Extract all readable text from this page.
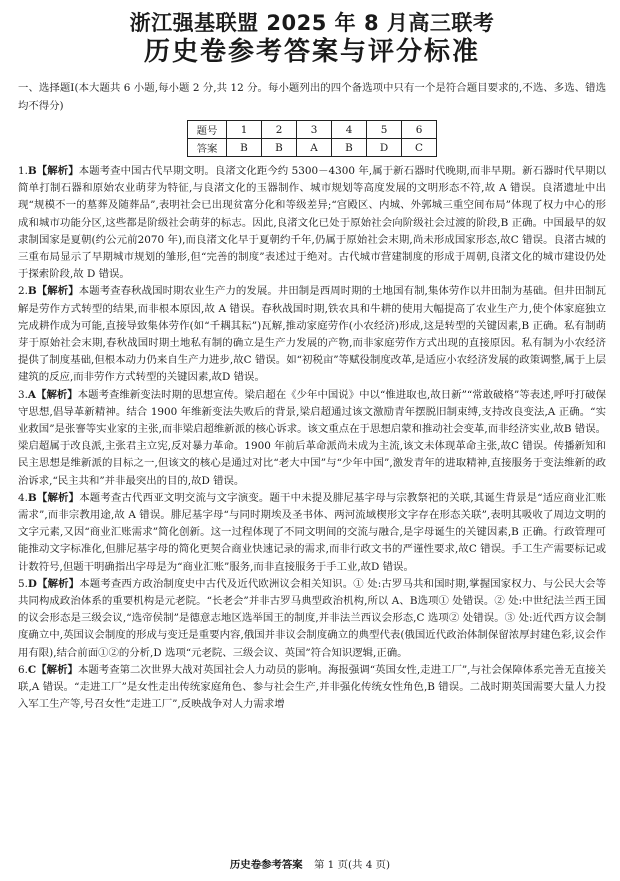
浙江强基联盟 2025 年 8 月高三联考
历史卷参考答案与评分标准

一、选择题Ⅰ(本大题共 6 小题,每小题 2 分,共 12 分。每小题列出的四个备选项中只有一个是符合题目要求的,不选、多选、错选均不得分)

题号	1	2	3	4	5	6
答案	B	B	A	B	D	C

1.B【解析】本题考查中国古代早期文明。良渚文化距今约 5300－4300 年,属于新石器时代晚期,而非早期。新石器时代早期以简单打制石器和原始农业萌芽为特征,与良渚文化的玉器制作、城市规划等高度发展的文明形态不符,故 A 错误。良渚遗址中出现“规模不一的墓葬及随葬品”,表明社会已出现贫富分化和等级差异;“宫殿区、内城、外郭城三重空间布局”体现了权力中心的形成和城市功能分区,这些都是阶级社会萌芽的标志。因此,良渚文化已处于原始社会向阶级社会过渡的阶段,B 正确。中国最早的奴隶制国家是夏朝(约公元前2070 年),而良渚文化早于夏朝约千年,仍属于原始社会末期,尚未形成国家形态,故C 错误。良渚古城的三重布局显示了早期城市规划的雏形,但“完善的制度”表述过于绝对。古代城市营建制度的形成于周朝,良渚文化的城市建设仍处于探索阶段,故 D 错误。

2.B【解析】本题考查春秋战国时期农业生产力的发展。井田制是西周时期的土地国有制,集体劳作以井田制为基础。但井田制瓦解是劳作方式转型的结果,而非根本原因,故 A 错误。春秋战国时期,铁农具和牛耕的使用大幅提高了农业生产力,使个体家庭独立完成耕作成为可能,直接导致集体劳作(如“千耦其耘”)瓦解,推动家庭劳作(小农经济)形成,这是转型的关键因素,B 正确。私有制萌芽于原始社会末期,春秋战国时期土地私有制的确立是生产力发展的产物,而非家庭劳作方式出现的直接原因。私有制为小农经济提供了制度基础,但根本动力仍来自生产力进步,故C 错误。如“初税亩”等赋役制度改革,是适应小农经济发展的政策调整,属于上层建筑的反应,而非劳作方式转型的关键因素,故D 错误。

3.A【解析】本题考查维新变法时期的思想宣传。梁启超在《少年中国说》中以“惟进取也,故日新”“常敢破格”等表述,呼吁打破保守思想,倡导革新精神。结合 1900 年维新变法失败后的背景,梁启超通过该文激励青年摆脱旧制束缚,支持改良变法,A 正确。“实业救国”是张謇等实业家的主张,而非梁启超维新派的核心诉求。该文重点在于思想启蒙和推动社会变革,而非经济实业,故B 错误。梁启超属于改良派,主张君主立宪,反对暴力革命。1900 年前后革命派尚未成为主流,该文未体现革命主张,故C 错误。传播新知和民主思想是维新派的目标之一,但该文的核心是通过对比“老大中国”与“少年中国”,激发青年的进取精神,直接服务于变法维新的政治诉求,“民主共和”并非最突出的目的,故D 错误。

4.B【解析】本题考查古代西亚文明交流与文字演变。题干中未提及腓尼基字母与宗教祭祀的关联,其诞生背景是“适应商业汇账需求”,而非宗教用途,故 A 错误。腓尼基字母“与同时期埃及圣书体、两河流域楔形文字存在形态关联”,表明其吸收了周边文明的文字元素,又因“商业汇账需求”简化创新。这一过程体现了不同文明间的交流与融合,是字母诞生的关键因素,B 正确。行政管理可能推动文字标准化,但腓尼基字母的简化更契合商业快速记录的需求,而非行政文书的严谨性要求,故C 错误。手工生产需要标记或计数符号,但题干明确指出字母是为“商业汇账”服务,而非直接服务于手工业,故D 错误。

5.D【解析】本题考查西方政治制度史中古代及近代欧洲议会相关知识。① 处:古罗马共和国时期,掌握国家权力、与公民大会等共同构成政治体系的重要机构是元老院。“长老会”并非古罗马典型政治机构,所以 A、B选项① 处错误。② 处:中世纪法兰西王国的议会形态是三级会议,“选帝侯制”是德意志地区选举国王的制度,并非法兰西议会形态,C 选项② 处错误。③ 处:近代西方议会制度确立中,英国议会制度的形成与变迁是重要内容,俄国并非议会制度确立的典型代表(俄国近代政治体制保留浓厚封建色彩,议会作用有限),结合前面①②的分析,D 选项“元老院、三级会议、英国”符合知识逻辑,正确。

6.C【解析】本题考查第二次世界大战对英国社会人力动员的影响。海报强调“英国女性,走进工厂”,与社会保障体系完善无直接关联,A 错误。“走进工厂”是女性走出传统家庭角色、参与社会生产,并非强化传统女性角色,B 错误。二战时期英国需要大量人力投入军工生产等,号召女性“走进工厂”,反映战争对人力需求增

历史卷参考答案 第 1 页(共 4 页)
